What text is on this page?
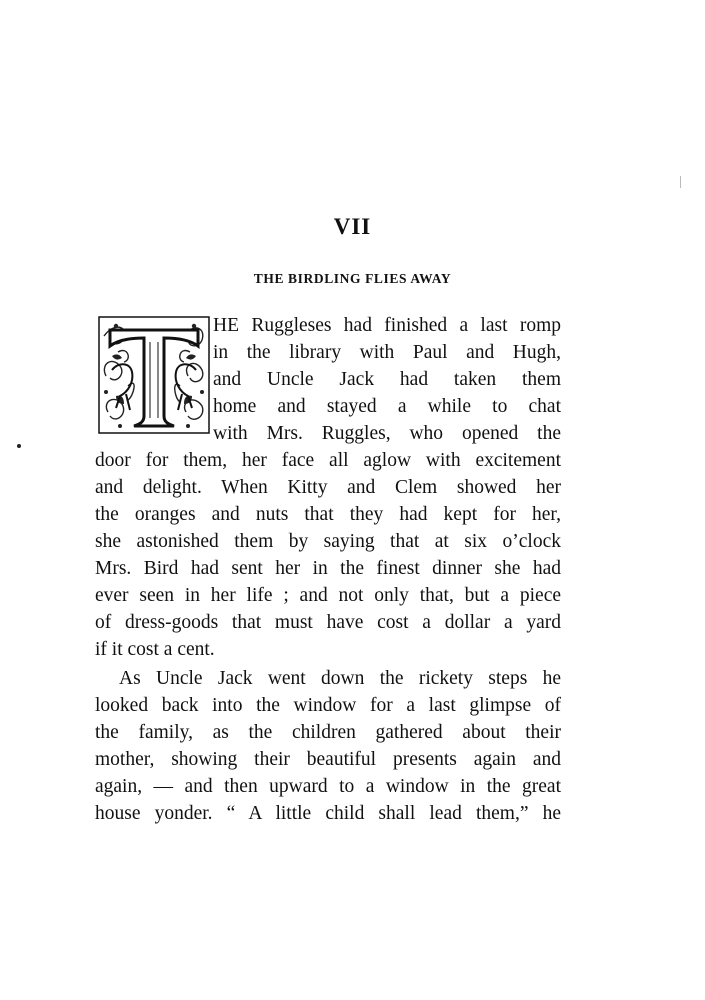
VII
THE BIRDLING FLIES AWAY
HE Ruggleses had finished a last romp
in the library with Paul and Hugh,
and Uncle Jack had taken them
home and stayed a while to chat
with Mrs. Ruggles, who opened the
door for them, her face all aglow with excitement
and delight. When Kitty and Clem showed her
the oranges and nuts that they had kept for her,
she astonished them by saying that at six o’clock
Mrs. Bird had sent her in the finest dinner she had
ever seen in her life ; and not only that, but a piece
of dress-goods that must have cost a dollar a yard
if it cost a cent.
As Uncle Jack went down the rickety steps he
looked back into the window for a last glimpse of
the family, as the children gathered about their
mother, showing their beautiful presents again and
again, — and then upward to a window in the great
house yonder. “ A little child shall lead them,” he
